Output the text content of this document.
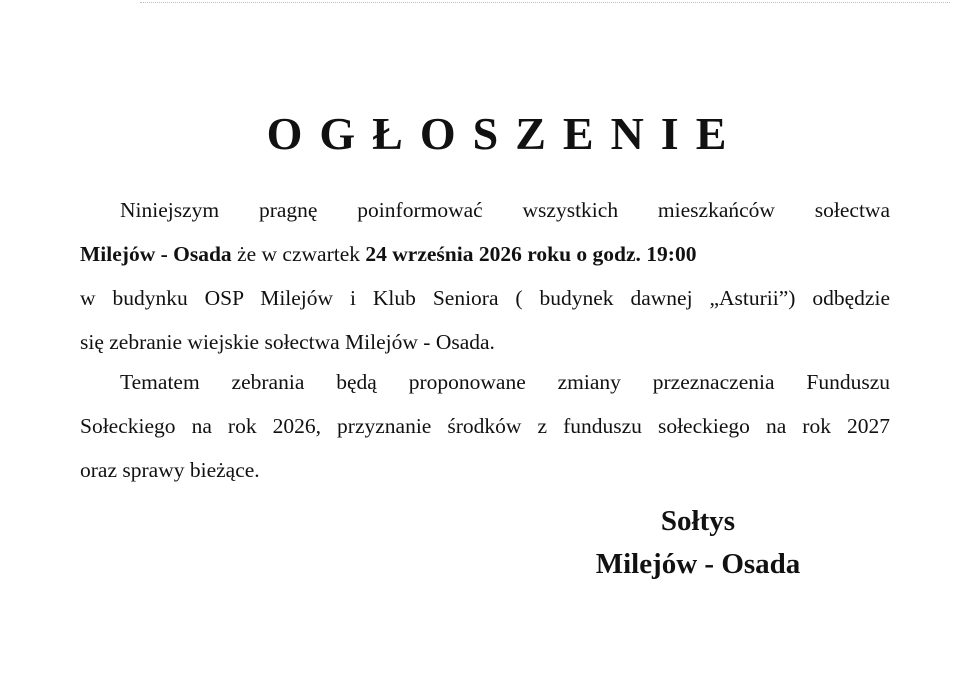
OGŁOSZENIE
Niniejszym pragnę poinformować wszystkich mieszkańców sołectwa
Milejów - Osada że w czwartek 24 września 2026 roku o godz. 19:00
w budynku OSP Milejów i Klub Seniora ( budynek dawnej „Asturii”) odbędzie
się zebranie wiejskie sołectwa Milejów - Osada.
Tematem zebrania będą proponowane zmiany przeznaczenia Funduszu
Sołeckiego na rok 2026, przyznanie środków z funduszu sołeckiego na rok 2027
oraz sprawy bieżące.
Sołtys
Milejów - Osada
